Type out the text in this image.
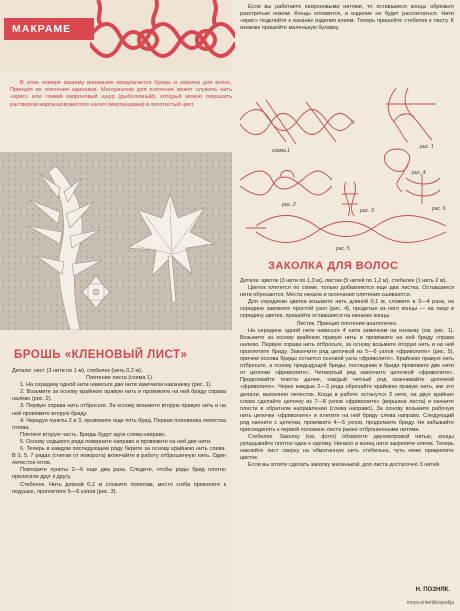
МАКРАМЕ
В этом номере вашему вниманию предлагается брошь и заколка для волос. Принцип их плетения одинаков. Материалом для плетения может служить нить «ирис» или тонкий капроновый шнур (рыболовный), который можно покрасить раствором марганцовокислого калия (марганцовки) в золотистый цвет.
БРОШЬ «КЛЕНОВЫЙ ЛИСТ»

Детали: лист (3 нити по 1 м), стебелек (нить 0,2 м).

Плетение листа (схема 1)

1. На середину одной нити навесьте две нити замочком наизнанку (рис. 1).

2. Возьмите за основу крайнюю правую нить и провяжите на ней бриду справа налево (рис. 2).

3. Первую справа нить отбросьте. За основу возьмите вторую правую нить и на ней провяжите вторую бриду.

4. Чередуя пункты 2 и 3, провяжите еще пять брид. Первая половинка лепестка готова.

Плетите вторую часть. Бриды будут идти слева направо.

5. Основу седьмого ряда поверните направо и провяжите на ней две нити.

6. Теперь в каждом последующем ряду берите за основу крайнюю нить слева. В 3, 5, 7 рядах (считая от поворота) включайте в работу отброшенную нить. Один лепесток готов.

Повторите пункты 2—6 еще два раза. Следите, чтобы ряды брид плотно прилегали друг к другу.

Стебелек. Нить длиной 0,2 м сложите пополам, место сгиба приколите к подушке, проплетите 5—6 узлов (рис. 3).

Если вы работаете капроновыми нитями, то оставшиеся концы обрежьте разогретым ножом. Концы оплавятся, и изделие не будет расплетаться. Нити «ирис» подклейте к изнанке изделия клеем. Теперь пришейте стебелек к листу. К изнанке пришейте маленькую булавку.

рис. 1
схема 1
рис. 4
рис. 2
рис. 3	рис. 6
рис. 5
ЗАКОЛКА ДЛЯ ВОЛОС

Детали: цветок (3 нити по 1,3 м), листик (5 нитей по 1,2 м), стебелек (1 нить 2 м).

Цветок плетется по схеме, только добавляются еще два листка. Оставшиеся нити обрезаются. Места начала и окончания плетения сшиваются.

Для серединки цветка возьмите нить длиной 0,1 м, сложите в 3—4 раза, на середине завяжите простой узел (рис. 4), продетые из него концы — на лицо в середину цветка, пришейте оставшиеся на изнанке концы.

Листик. Принцип плетения аналогичен.

На середине одной нити навесьте 4 нити замочком на изнанку (см. рис. 1). Возьмите за основу крайнюю правую нить и провяжите на ней бриду справа налево. Первую справа нить отбросьте, за основу возьмите вторую нить и на ней проплетите бриду. Закончите ряд цепочкой из 5—6 узлов «фриволите» (рис. 5), причем основа бриды остается основой узла «фриволите». Крайнюю правую нить отбросьте, а основу предыдущей бриды, последним в бриде провяжите две нити от цепочки «фриволите». Четвертый ряд закончите цепочкой «фриволите». Продолжайте плести далее, каждый четный ряд оканчивайте цепочкой «фриволите». Через каждые 2—3 ряда обрезайте крайнюю правую нить, как это делали, выполняя лепесток. Когда в работе останутся 3 нити, на двух крайних слева сделайте цепочку из 7—8 узлов «фриволите» (вершина листа) и начните плести в обратном направлении (слева направо). За основу возьмите рабочую нить цепочки «фриволите» и плетите на ней бриду слева направо. Следующий ряд начните с цепочки, провяжите 4—5 узлов, продолжите бриду. Не забывайте присоединять к первой половине листа ранее отброшенными нитями.

Стебелек. Заколку (см. фото) обхватите двухметровой нитью, концы укладывайте плотно один к одному. Начало и конец нити закрепите клеем. Теперь наклейте лист сверху на обмотанную нить стебелька, чуть ниже прикрепите цветок.

Если вы хотите сделать заколку маленькой, для листа достаточно 3 нитей.

Н. ПОЗНЯК.
moya.ententikopedija
